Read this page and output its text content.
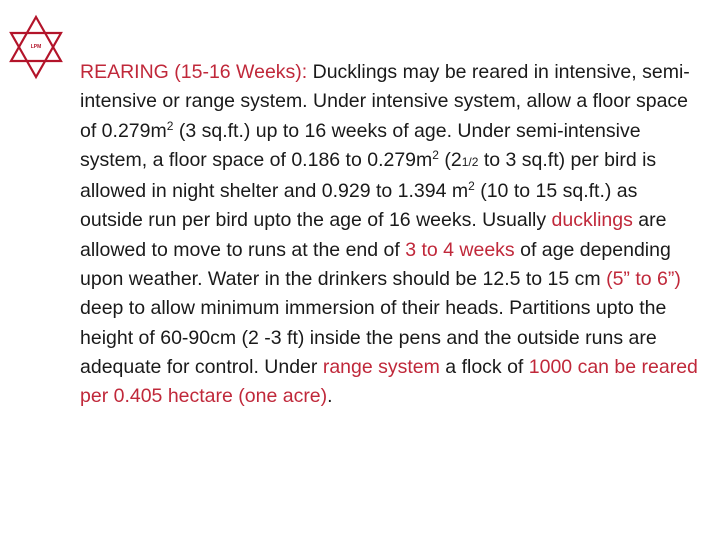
LPM
REARING (15-16 Weeks): Ducklings may be reared in intensive, semi-intensive or range system. Under intensive system, allow a floor space of $0.279m^2$ (3 sq.ft.) up to 16 weeks of age. Under semi-intensive system, a floor space of 0.186 to $0.279m^2$ (21/2 to 3 sq.ft) per bird is allowed in night shelter and 0.929 to 1.394 $m^2$ (10 to 15 sq.ft.) as outside run per bird upto the age of 16 weeks. Usually ducklings are allowed to move to runs at the end of 3 to 4 weeks of age depending upon weather. Water in the drinkers should be 12.5 to 15 cm (5” to 6”) deep to allow minimum immersion of their heads. Partitions upto the height of 60-90cm (2 -3 ft) inside the pens and the outside runs are adequate for control. Under range system a flock of 1000 can be reared per 0.405 hectare (one acre).
